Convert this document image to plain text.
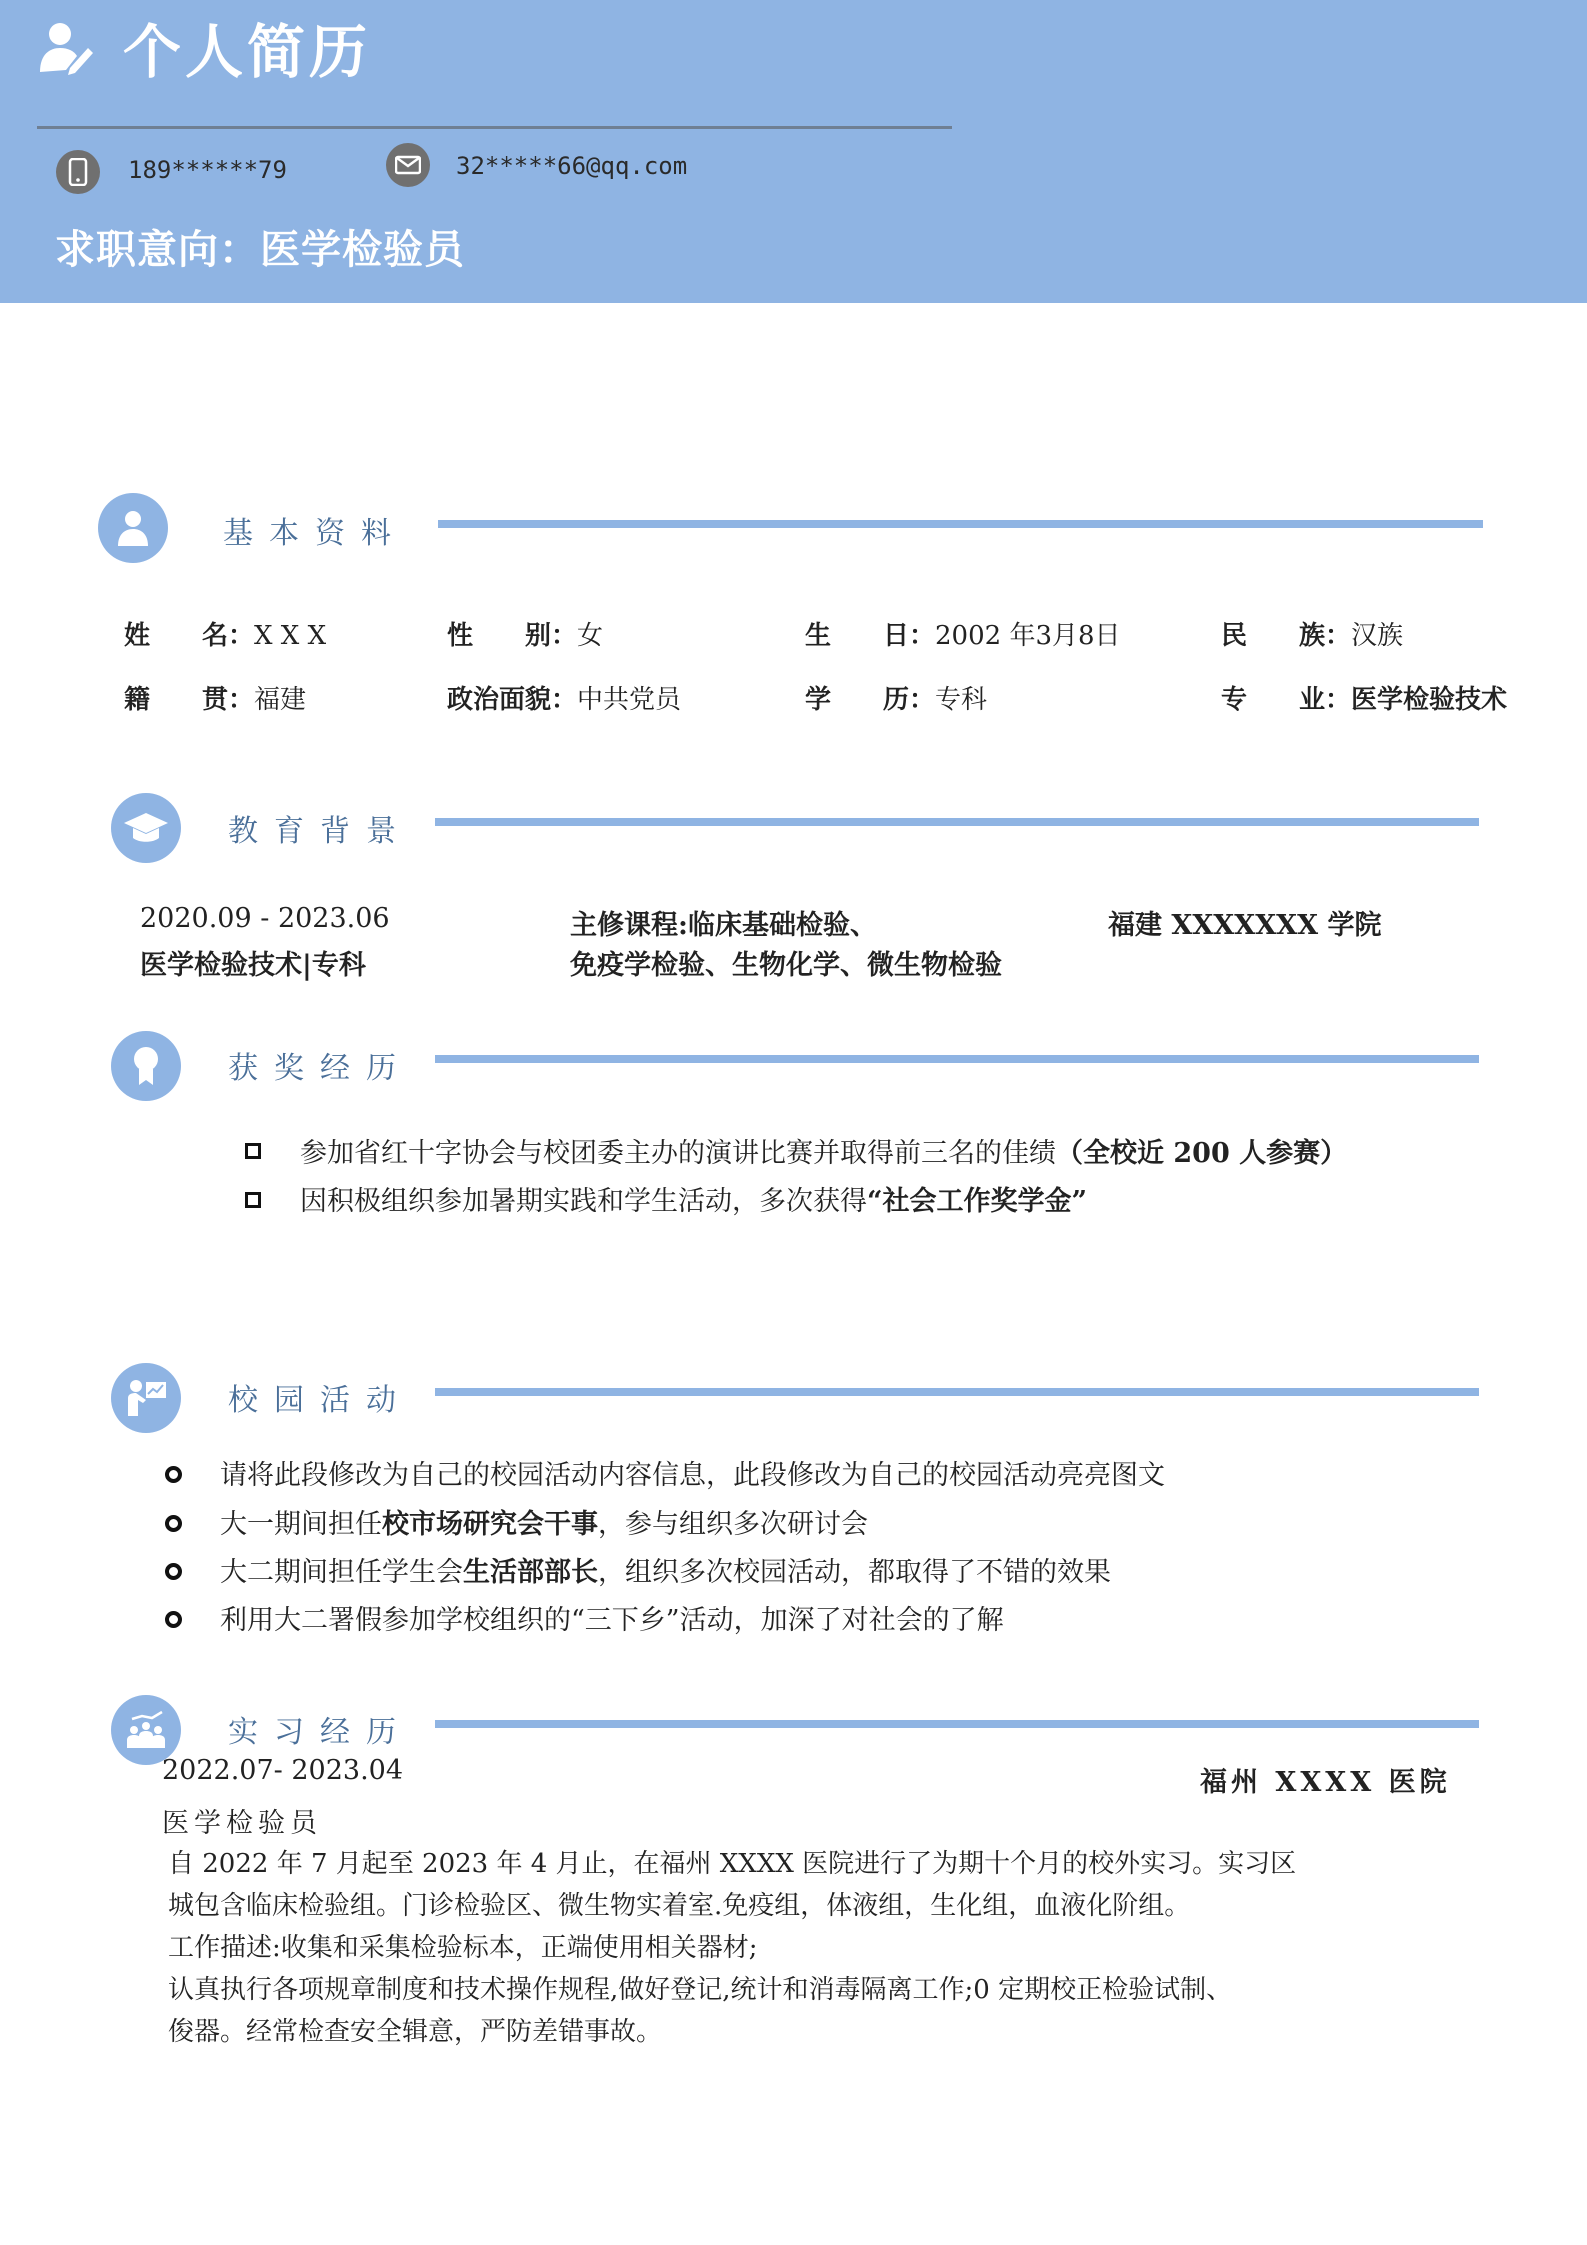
个人简历
189******79	32*****66@qq.com
求职意向：医学检验员
基本资料
姓　　名：X X X	性　　别：女	生　　日：2002 年3月8日	民　　族：汉族
籍　　贯：福建	政治面貌：中共党员	学　　历：专科	专　　业：医学检验技术
教育背景
2020.09 - 2023.06
医学检验技术|专科
主修课程:临床基础检验、
免疫学检验、生物化学、微生物检验
福建 XXXXXXX 学院
获奖经历
参加省红十字协会与校团委主办的演讲比赛并取得前三名的佳绩（全校近 200 人参赛）
因积极组织参加暑期实践和学生活动，多次获得“社会工作奖学金”
校园活动
请将此段修改为自己的校园活动内容信息，此段修改为自己的校园活动亮亮图文
大一期间担任校市场研究会干事，参与组织多次研讨会
大二期间担任学生会生活部部长，组织多次校园活动，都取得了不错的效果
利用大二署假参加学校组织的“三下乡”活动，加深了对社会的了解
实习经历
2022.07- 2023.04	福州 XXXX 医院
医学检验员
自 2022 年 7 月起至 2023 年 4 月止，在福州 XXXX 医院进行了为期十个月的校外实习。实习区
城包含临床检验组。门诊检验区、微生物实着室.免疫组，体液组，生化组，血液化阶组。
工作描述:收集和采集检验标本，正端使用相关器材;
认真执行各项规章制度和技术操作规程,做好登记,统计和消毒隔离工作;0 定期校正检验试制、
俊器。经常检查安全辑意，严防差错事故。
